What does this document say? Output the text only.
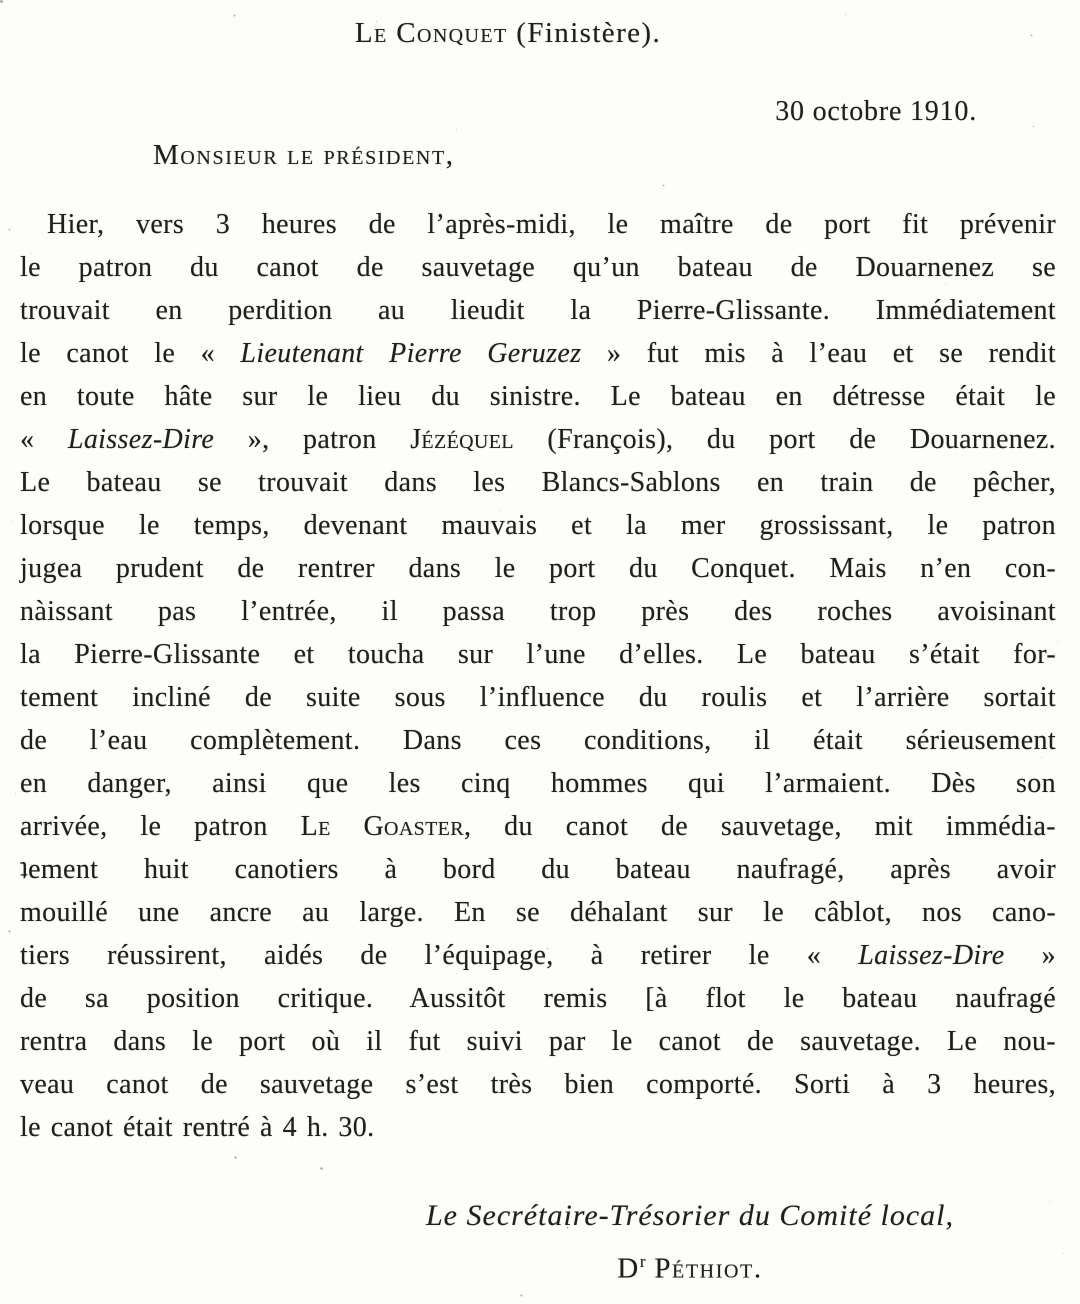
Le Conquet (Finistère).
30 octobre 1910.
Monsieur le président,
Hier, vers 3 heures de l’après-midi, le maître de port fit prévenir
le patron du canot de sauvetage qu’un bateau de Douarnenez se
trouvait en perdition au lieudit la Pierre-Glissante. Immédiatement
le canot le « Lieutenant Pierre Geruzez » fut mis à l’eau et se rendit
en toute hâte sur le lieu du sinistre. Le bateau en détresse était le
« Laissez-Dire », patron Jézéquel (François), du port de Douarnenez.
Le bateau se trouvait dans les Blancs-Sablons en train de pêcher,
lorsque le temps, devenant mauvais et la mer grossissant, le patron
jugea prudent de rentrer dans le port du Conquet. Mais n’en con-
nàissant pas l’entrée, il passa trop près des roches avoisinant
la Pierre-Glissante et toucha sur l’une d’elles. Le bateau s’était for-
tement incliné de suite sous l’influence du roulis et l’arrière sortait
de l’eau complètement. Dans ces conditions, il était sérieusement
en danger, ainsi que les cinq hommes qui l’armaient. Dès son
arrivée, le patron Le Goaster, du canot de sauvetage, mit immédia-
ʇement huit canotiers à bord du bateau naufragé, après avoir
mouillé une ancre au large. En se déhalant sur le câblot, nos cano-
tiers réussirent, aidés de l’équipage, à retirer le « Laissez-Dire »
de sa position critique. Aussitôt remis [à flot le bateau naufragé
rentra dans le port où il fut suivi par le canot de sauvetage. Le nou-
veau canot de sauvetage s’est très bien comporté. Sorti à 3 heures,
le canot était rentré à 4 h. 30.
Le Secrétaire-Trésorier du Comité local,
$D^r$ Péthiot.
